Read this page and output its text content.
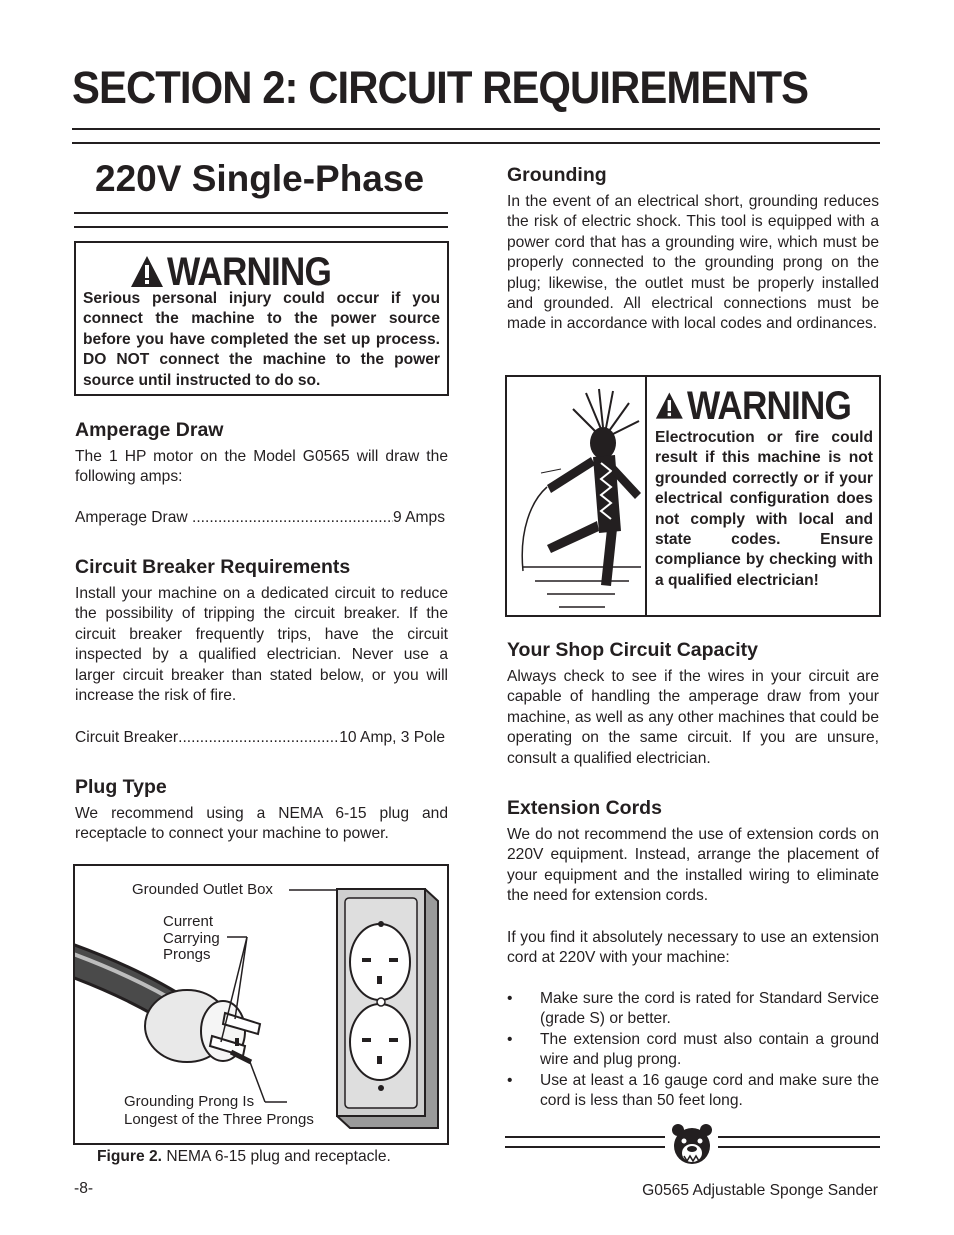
SECTION 2: CIRCUIT REQUIREMENTS
220V Single-Phase
WARNING

Serious personal injury could occur if you connect the machine to the power source before you have completed the set up process. DO NOT connect the machine to the power source until instructed to do so.

Amperage Draw

The 1 HP motor on the Model G0565 will draw the following amps:

Amperage Draw
.....	9 Amps
Circuit Breaker Requirements

Install your machine on a dedicated circuit to reduce the possibility of tripping the circuit breaker. If the circuit breaker frequently trips, have the circuit inspected by a qualified electrician. Never use a larger circuit breaker than stated below, or you will increase the risk of fire.

Circuit Breaker .....	10 Amp, 3 Pole
Plug Type

We recommend using a NEMA 6-15 plug and receptacle to connect your machine to power.

Grounded Outlet Box
Current
Carrying
Prongs
Grounding Prong Is
Longest of the Three Prongs
Figure 2. NEMA 6-15 plug and receptacle.
Grounding

In the event of an electrical short, grounding reduces the risk of electric shock. This tool is equipped with a power cord that has a grounding wire, which must be properly connected to the grounding prong on the plug; likewise, the outlet must be properly installed and grounded. All electrical connections must be made in accordance with local codes and ordinances.

WARNING

Electrocution or fire could result if this machine is not grounded correctly or if your electrical configuration does not comply with local and state codes. Ensure compliance by checking with a qualified electrician!

Your Shop Circuit Capacity

Always check to see if the wires in your circuit are capable of handling the amperage draw from your machine, as well as any other machines that could be operating on the same circuit. If you are unsure, consult a qualified electrician.

Extension Cords

We do not recommend the use of extension cords on 220V equipment. Instead, arrange the placement of your equipment and the installed wiring to eliminate the need for extension cords.

If you find it absolutely necessary to use an extension cord at 220V with your machine:

• Make sure the cord is rated for Standard Service (grade S) or better.
• The extension cord must also contain a ground wire and plug prong.
• Use at least a 16 gauge cord and make sure the cord is less than 50 feet long.
-8-	G0565 Adjustable Sponge Sander
